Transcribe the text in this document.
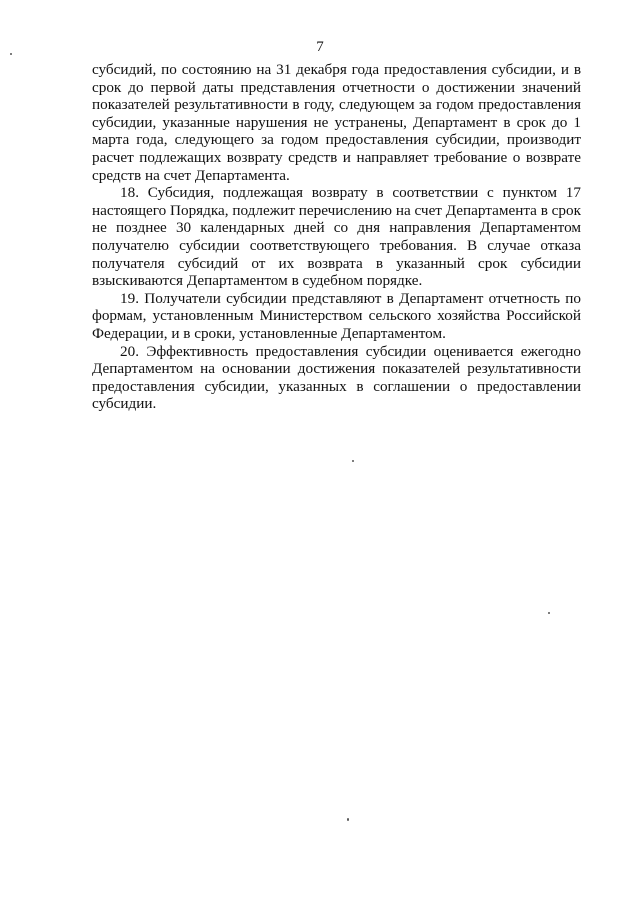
7

субсидий, по состоянию на 31 декабря года предоставления субсидии, и в срок до первой даты представления отчетности о достижении значений показателей результативности в году, следующем за годом предоставления субсидии, указанные нарушения не устранены, Департамент в срок до 1 марта года, следующего за годом предоставления субсидии, производит расчет подлежащих возврату средств и направляет требование о возврате средств на счет Департамента.

18. Субсидия, подлежащая возврату в соответствии с пунктом 17 настоящего Порядка, подлежит перечислению на счет Департамента в срок не позднее 30 календарных дней со дня направления Департаментом получателю субсидии соответствующего требования. В случае отказа получателя субсидий от их возврата в указанный срок субсидии взыскиваются Департаментом в судебном порядке.

19. Получатели субсидии представляют в Департамент отчетность по формам, установленным Министерством сельского хозяйства Российской Федерации, и в сроки, установленные Департаментом.

20. Эффективность предоставления субсидии оценивается ежегодно Департаментом на основании достижения показателей результативности предоставления субсидии, указанных в соглашении о предоставлении субсидии.
